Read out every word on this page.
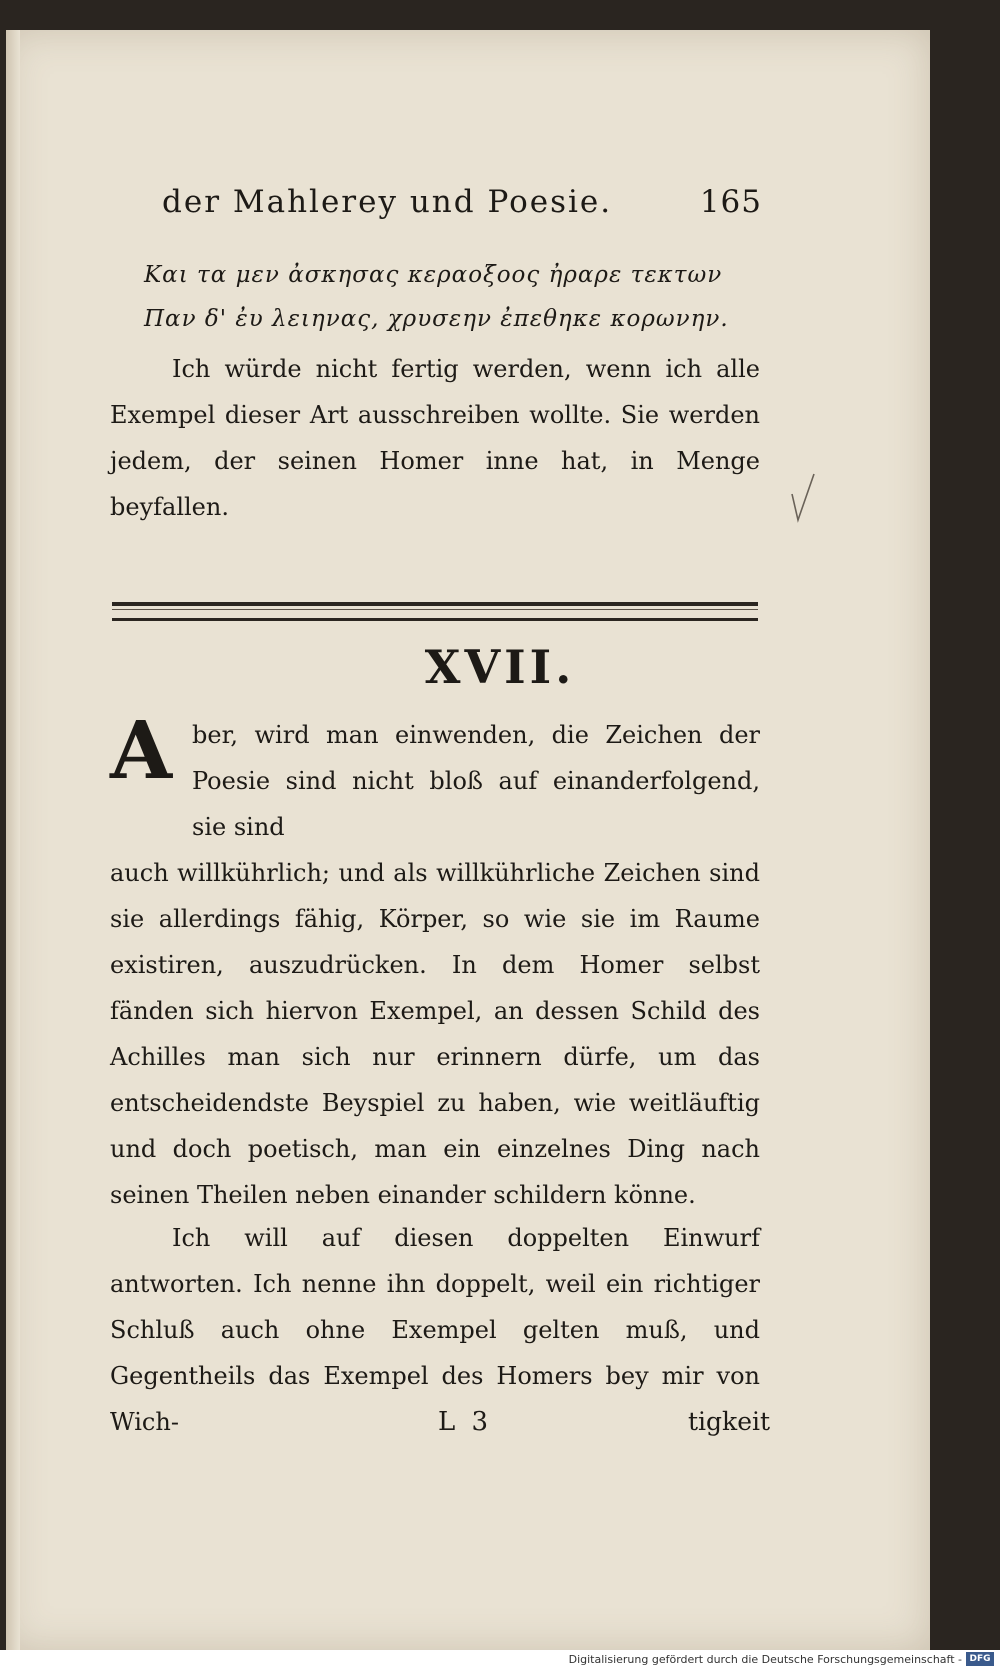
der Mahlerey und Poesie.	165
Και τα μεν ἀσκησας κεραοξοος ἠραρε τεκτων
Παν δ' ἐυ λειηνας, χρυσεην ἐπεθηκε κορωνην.
Ich würde nicht fertig werden, wenn ich alle Exempel dieser Art ausschreiben wollte. Sie werden jedem, der seinen Homer inne hat, in Menge beyfallen.
XVII.
A ber, wird man einwenden, die Zeichen der Poesie sind nicht bloß auf einanderfolgend, sie sind
auch willkührlich; und als willkührliche Zeichen sind sie allerdings fähig, Körper, so wie sie im Raume existiren, auszudrücken. In dem Homer selbst fänden sich hiervon Exempel, an dessen Schild des Achilles man sich nur erinnern dürfe, um das entscheidendste Beyspiel zu haben, wie weitläuftig und doch poetisch, man ein einzelnes Ding nach seinen Theilen neben einander schildern könne.
Ich will auf diesen doppelten Einwurf antworten. Ich nenne ihn doppelt, weil ein richtiger Schluß auch ohne Exempel gelten muß, und Gegentheils das Exempel des Homers bey mir von Wich-	L 3	tigkeit
Digitalisierung gefördert durch die Deutsche Forschungsgemeinschaft - DFG
